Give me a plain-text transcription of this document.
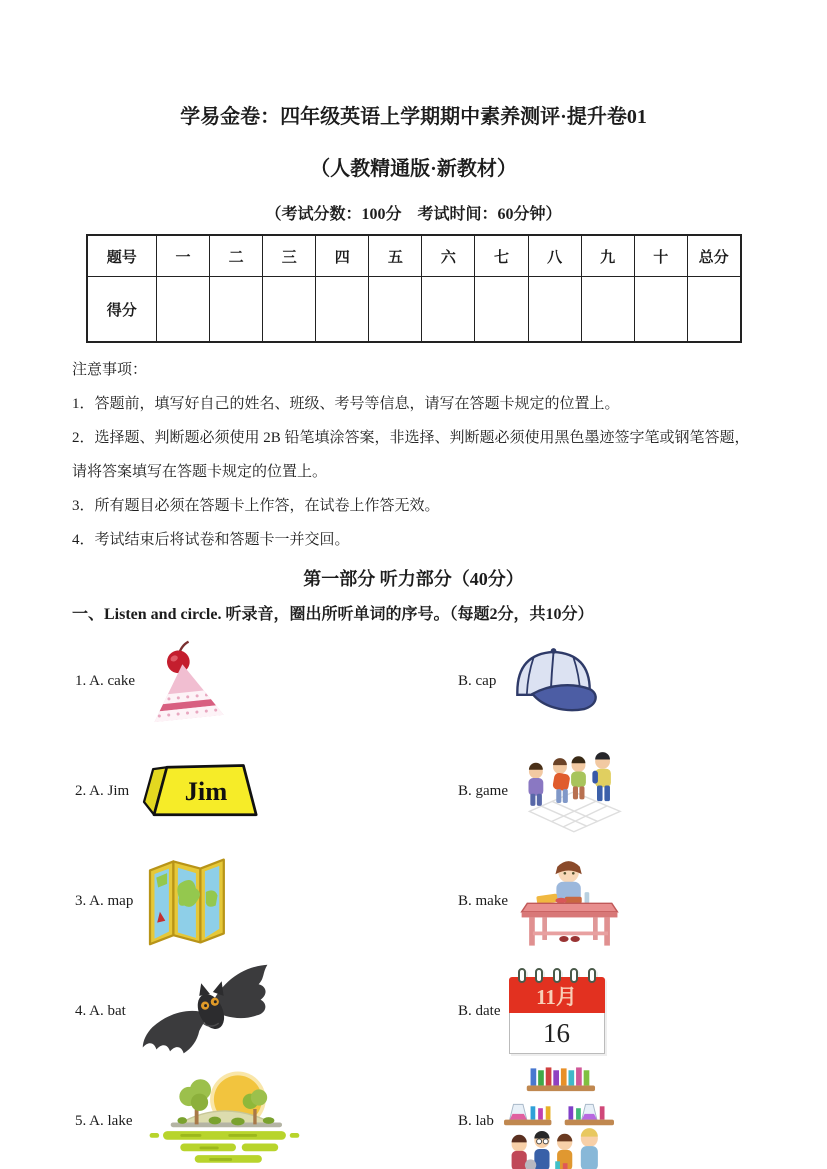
学易金卷：四年级英语上学期期中素养测评·提升卷01
（人教精通版·新教材）
（考试分数：100分　考试时间：60分钟）
题号	一	二	三	四	五	六	七	八	九	十	总分
得分											
注意事项：
1．答题前，填写好自己的姓名、班级、考号等信息，请写在答题卡规定的位置上。
2．选择题、判断题必须使用 2B 铅笔填涂答案，非选择、判断题必须使用黑色墨迹签字笔或钢笔答题，请将答案填写在答题卡规定的位置上。
3．所有题目必须在答题卡上作答，在试卷上作答无效。
4．考试结束后将试卷和答题卡一并交回。
第一部分 听力部分（40分）
一、Listen and circle. 听录音，圈出所听单词的序号。（每题2分，共10分）
1. A. cake	B. cap
2. A. Jim Jim	B. game
3. A. map	B. make
4. A. bat	B. date
11月
16
5. A. lake	B. lab
